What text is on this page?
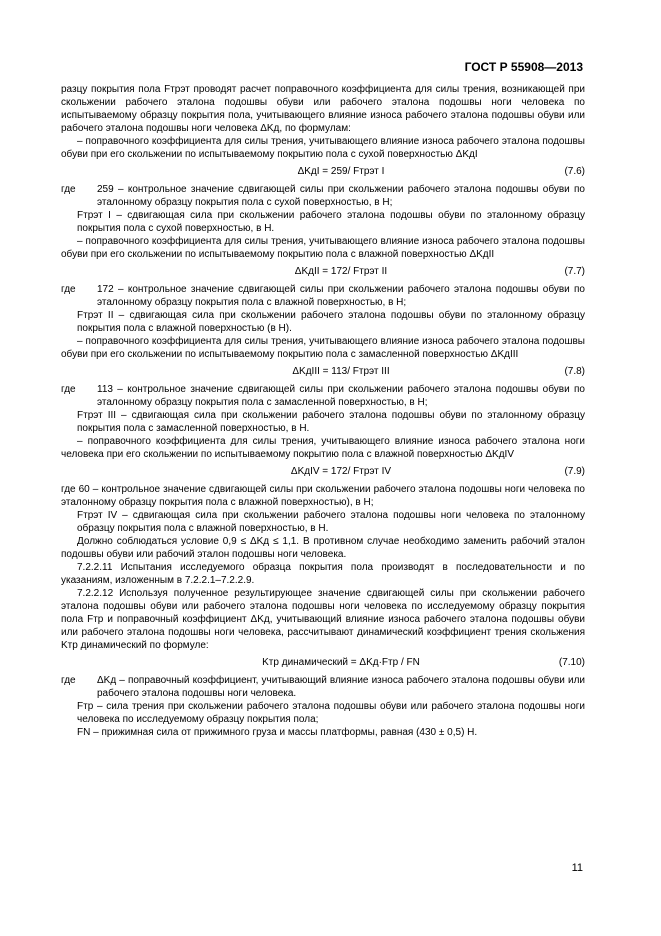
ГОСТ Р 55908—2013

разцу покрытия пола Fтрэт проводят расчет поправочного коэффициента для силы трения, возникающей при скольжении рабочего эталона подошвы обуви или рабочего эталона подошвы ноги человека по испытываемому образцу покрытия пола, учитывающего влияние износа рабочего эталона подошвы обуви или рабочего эталона подошвы ноги человека ΔKд, по формулам:

– поправочного коэффициента для силы трения, учитывающего влияние износа рабочего эталона подошвы обуви при его скольжении по испытываемому покрытию пола с сухой поверхностью ΔKдI

ΔKдI = 259/ Fтрэт I	(7.6)
где	259 – контрольное значение сдвигающей силы при скольжении рабочего эталона подошвы обуви по эталонному образцу покрытия пола с сухой поверхностью, в Н;

Fтрэт I – сдвигающая сила при скольжении рабочего эталона подошвы обуви по эталонному образцу покрытия пола с сухой поверхностью, в Н.

– поправочного коэффициента для силы трения, учитывающего влияние износа рабочего эталона подошвы обуви при его скольжении по испытываемому покрытию пола с влажной поверхностью ΔKдII

ΔKдII = 172/ Fтрэт II	(7.7)
где	172 – контрольное значение сдвигающей силы при скольжении рабочего эталона подошвы обуви по эталонному образцу покрытия пола с влажной поверхностью, в Н;

Fтрэт II – сдвигающая сила при скольжении рабочего эталона подошвы обуви по эталонному образцу покрытия пола с влажной поверхностью (в Н).

– поправочного коэффициента для силы трения, учитывающего влияние износа рабочего эталона подошвы обуви при его скольжении по испытываемому покрытию пола с замасленной поверхностью ΔKдIII

ΔKдIII = 113/ Fтрэт III	(7.8)
где	113 – контрольное значение сдвигающей силы при скольжении рабочего эталона подошвы обуви по эталонному образцу покрытия пола с замасленной поверхностью, в Н;

Fтрэт III – сдвигающая сила при скольжении рабочего эталона подошвы обуви по эталонному образцу покрытия пола с замасленной поверхностью, в Н.

– поправочного коэффициента для силы трения, учитывающего влияние износа рабочего эталона ноги человека при его скольжении по испытываемому покрытию пола с влажной поверхностью ΔKдIV

ΔKдIV = 172/ Fтрэт IV	(7.9)

где 60 – контрольное значение сдвигающей силы при скольжении рабочего эталона подошвы ноги человека по эталонному образцу покрытия пола с влажной поверхностью), в Н;

Fтрэт IV – сдвигающая сила при скольжении рабочего эталона подошвы ноги человека по эталонному образцу покрытия пола с влажной поверхностью, в Н.

Должно соблюдаться условие 0,9 ≤ ΔKд ≤ 1,1. В противном случае необходимо заменить рабочий эталон подошвы обуви или рабочий эталон подошвы ноги человека.

7.2.2.11 Испытания исследуемого образца покрытия пола производят в последовательности и по указаниям, изложенным в 7.2.2.1–7.2.2.9.

7.2.2.12 Используя полученное результирующее значение сдвигающей силы при скольжении рабочего эталона подошвы обуви или рабочего эталона подошвы ноги человека по исследуемому образцу покрытия пола Fтр и поправочный коэффициент ΔKд, учитывающий влияние износа рабочего эталона подошвы обуви или рабочего эталона подошвы ноги человека, рассчитывают динамический коэффициент трения скольжения Kтр динамический по формуле:

Kтр динамический = ΔKд·Fтр / FN	(7.10)
где	ΔKд – поправочный коэффициент, учитывающий влияние износа рабочего эталона подошвы обуви или рабочего эталона подошвы ноги человека.

Fтр – сила трения при скольжении рабочего эталона подошвы обуви или рабочего эталона подошвы ноги человека по исследуемому образцу покрытия пола;

FN – прижимная сила от прижимного груза и массы платформы, равная (430 ± 0,5) Н.

11
